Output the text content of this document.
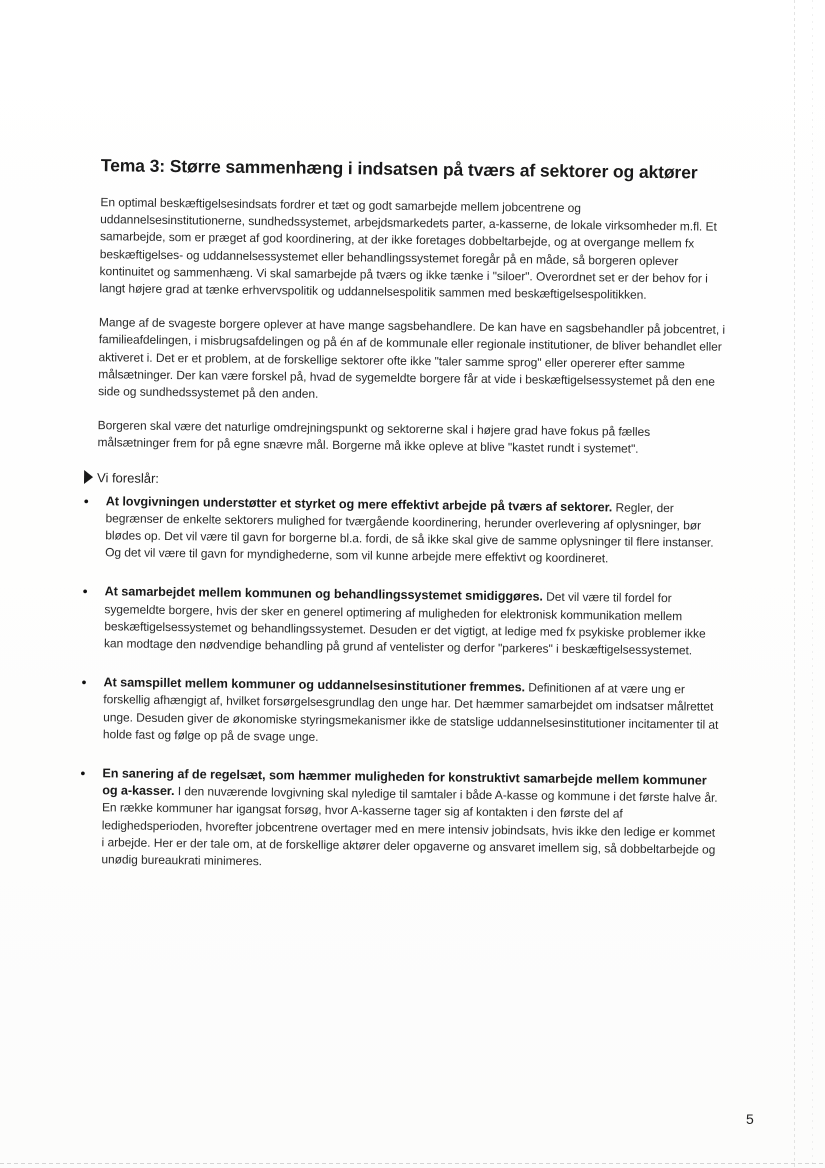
Tema 3: Større sammenhæng i indsatsen på tværs af sektorer og aktører

En optimal beskæftigelsesindsats fordrer et tæt og godt samarbejde mellem jobcentrene og uddannelsesinstitutionerne, sundhedssystemet, arbejdsmarkedets parter, a-kasserne, de lokale virksomheder m.fl. Et samarbejde, som er præget af god koordinering, at der ikke foretages dobbeltarbejde, og at overgange mellem fx beskæftigelses- og uddannelsessystemet eller behandlingssystemet foregår på en måde, så borgeren oplever kontinuitet og sammenhæng. Vi skal samarbejde på tværs og ikke tænke i "siloer". Overordnet set er der behov for i langt højere grad at tænke erhvervspolitik og uddannelsespolitik sammen med beskæftigelsespolitikken.

Mange af de svageste borgere oplever at have mange sagsbehandlere. De kan have en sagsbehandler på jobcentret, i familieafdelingen, i misbrugsafdelingen og på én af de kommunale eller regionale institutioner, de bliver behandlet eller aktiveret i. Det er et problem, at de forskellige sektorer ofte ikke "taler samme sprog" eller opererer efter samme målsætninger. Der kan være forskel på, hvad de sygemeldte borgere får at vide i beskæftigelsessystemet på den ene side og sundhedssystemet på den anden.

Borgeren skal være det naturlige omdrejningspunkt og sektorerne skal i højere grad have fokus på fælles målsætninger frem for på egne snævre mål. Borgerne må ikke opleve at blive "kastet rundt i systemet".

Vi foreslår:
• At lovgivningen understøtter et styrket og mere effektivt arbejde på tværs af sektorer. Regler, der begrænser de enkelte sektorers mulighed for tværgående koordinering, herunder overlevering af oplysninger, bør blødes op. Det vil være til gavn for borgerne bl.a. fordi, de så ikke skal give de samme oplysninger til flere instanser. Og det vil være til gavn for myndighederne, som vil kunne arbejde mere effektivt og koordineret.
• At samarbejdet mellem kommunen og behandlingssystemet smidiggøres. Det vil være til fordel for sygemeldte borgere, hvis der sker en generel optimering af muligheden for elektronisk kommunikation mellem beskæftigelsessystemet og behandlingssystemet. Desuden er det vigtigt, at ledige med fx psykiske problemer ikke kan modtage den nødvendige behandling på grund af ventelister og derfor "parkeres" i beskæftigelsessystemet.
• At samspillet mellem kommuner og uddannelsesinstitutioner fremmes. Definitionen af at være ung er forskellig afhængigt af, hvilket forsørgelsesgrundlag den unge har. Det hæmmer samarbejdet om indsatser målrettet unge. Desuden giver de økonomiske styringsmekanismer ikke de statslige uddannelsesinstitutioner incitamenter til at holde fast og følge op på de svage unge.
• En sanering af de regelsæt, som hæmmer muligheden for konstruktivt samarbejde mellem kommuner og a-kasser. I den nuværende lovgivning skal nyledige til samtaler i både A-kasse og kommune i det første halve år. En række kommuner har igangsat forsøg, hvor A-kasserne tager sig af kontakten i den første del af ledighedsperioden, hvorefter jobcentrene overtager med en mere intensiv jobindsats, hvis ikke den ledige er kommet i arbejde. Her er der tale om, at de forskellige aktører deler opgaverne og ansvaret imellem sig, så dobbeltarbejde og unødig bureaukrati minimeres.
5
